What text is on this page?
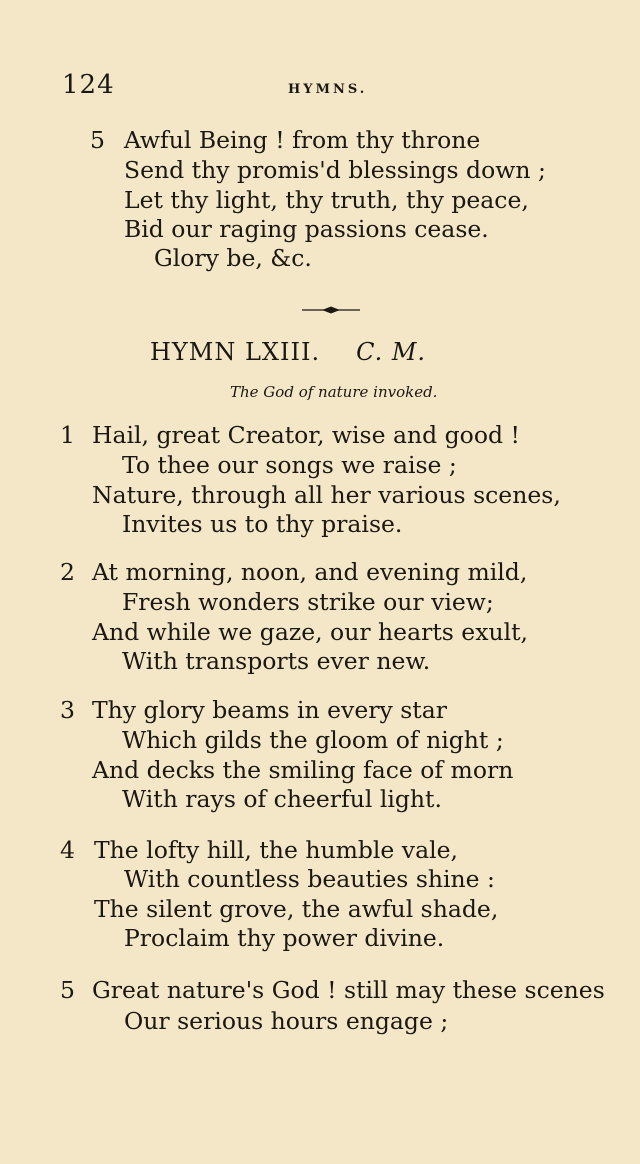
124	HYMNS.
5 Awful Being ! from thy throne
Send thy promis'd blessings down ;
Let thy light, thy truth, thy peace,
Bid our raging passions cease.
Glory be, &c.
HYMN LXIII. C. M.
The God of nature invoked.
1 Hail, great Creator, wise and good !
To thee our songs we raise ;
Nature, through all her various scenes,
Invites us to thy praise.
2 At morning, noon, and evening mild,
Fresh wonders strike our view;
And while we gaze, our hearts exult,
With transports ever new.
3 Thy glory beams in every star
Which gilds the gloom of night ;
And decks the smiling face of morn
With rays of cheerful light.
4 The lofty hill, the humble vale,
With countless beauties shine :
The silent grove, the awful shade,
Proclaim thy power divine.
5 Great nature's God ! still may these scenes
Our serious hours engage ;
